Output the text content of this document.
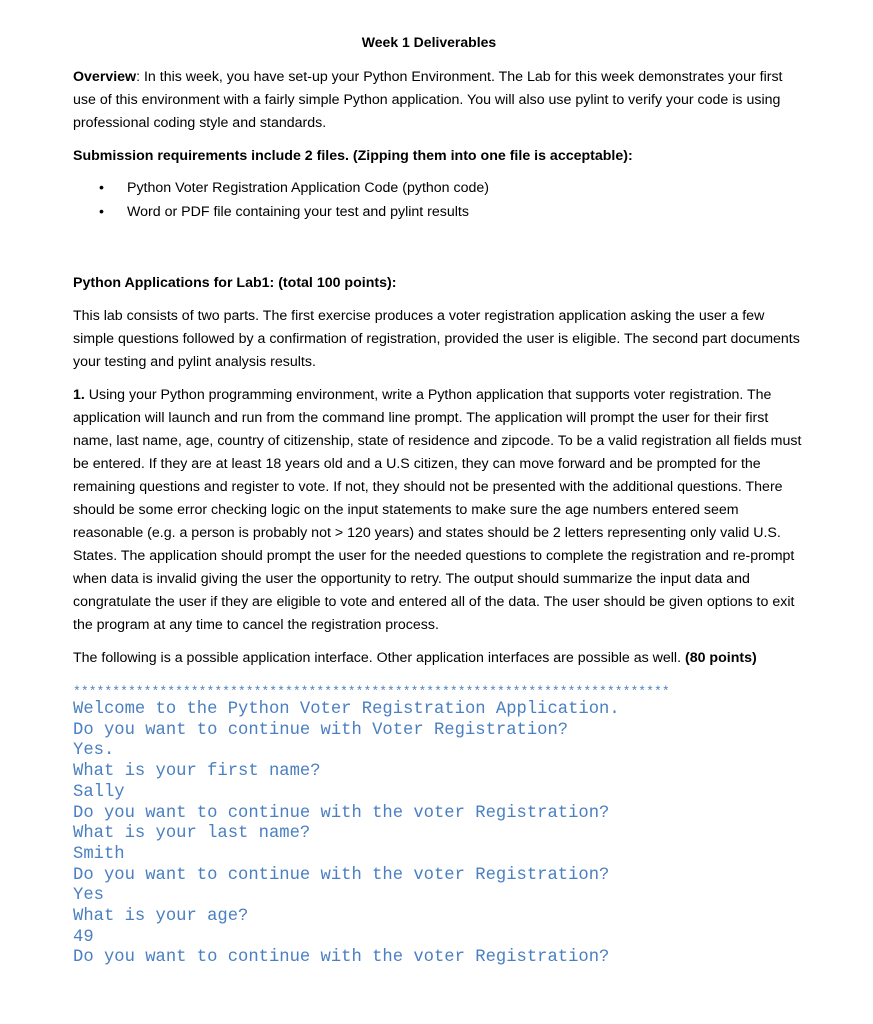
Week 1 Deliverables

Overview: In this week, you have set-up your Python Environment. The Lab for this week demonstrates your first use of this environment with a fairly simple Python application. You will also use pylint to verify your code is using professional coding style and standards.

Submission requirements include 2 files. (Zipping them into one file is acceptable):

• Python Voter Registration Application Code (python code)
• Word or PDF file containing your test and pylint results

Python Applications for Lab1: (total 100 points):

This lab consists of two parts. The first exercise produces a voter registration application asking the user a few simple questions followed by a confirmation of registration, provided the user is eligible. The second part documents your testing and pylint analysis results.

1. Using your Python programming environment, write a Python application that supports voter registration. The application will launch and run from the command line prompt. The application will prompt the user for their first name, last name, age, country of citizenship, state of residence and zipcode. To be a valid registration all fields must be entered. If they are at least 18 years old and a U.S citizen, they can move forward and be prompted for the remaining questions and register to vote. If not, they should not be presented with the additional questions. There should be some error checking logic on the input statements to make sure the age numbers entered seem reasonable (e.g. a person is probably not > 120 years) and states should be 2 letters representing only valid U.S. States. The application should prompt the user for the needed questions to complete the registration and re-prompt when data is invalid giving the user the opportunity to retry. The output should summarize the input data and congratulate the user if they are eligible to vote and entered all of the data. The user should be given options to exit the program at any time to cancel the registration process.

The following is a possible application interface. Other application interfaces are possible as well. (80 points)

****************************************************************************
Welcome to the Python Voter Registration Application.
Do you want to continue with Voter Registration?
Yes.
What is your first name?
Sally
Do you want to continue with the voter Registration?
What is your last name?
Smith
Do you want to continue with the voter Registration?
Yes
What is your age?
49
Do you want to continue with the voter Registration?
